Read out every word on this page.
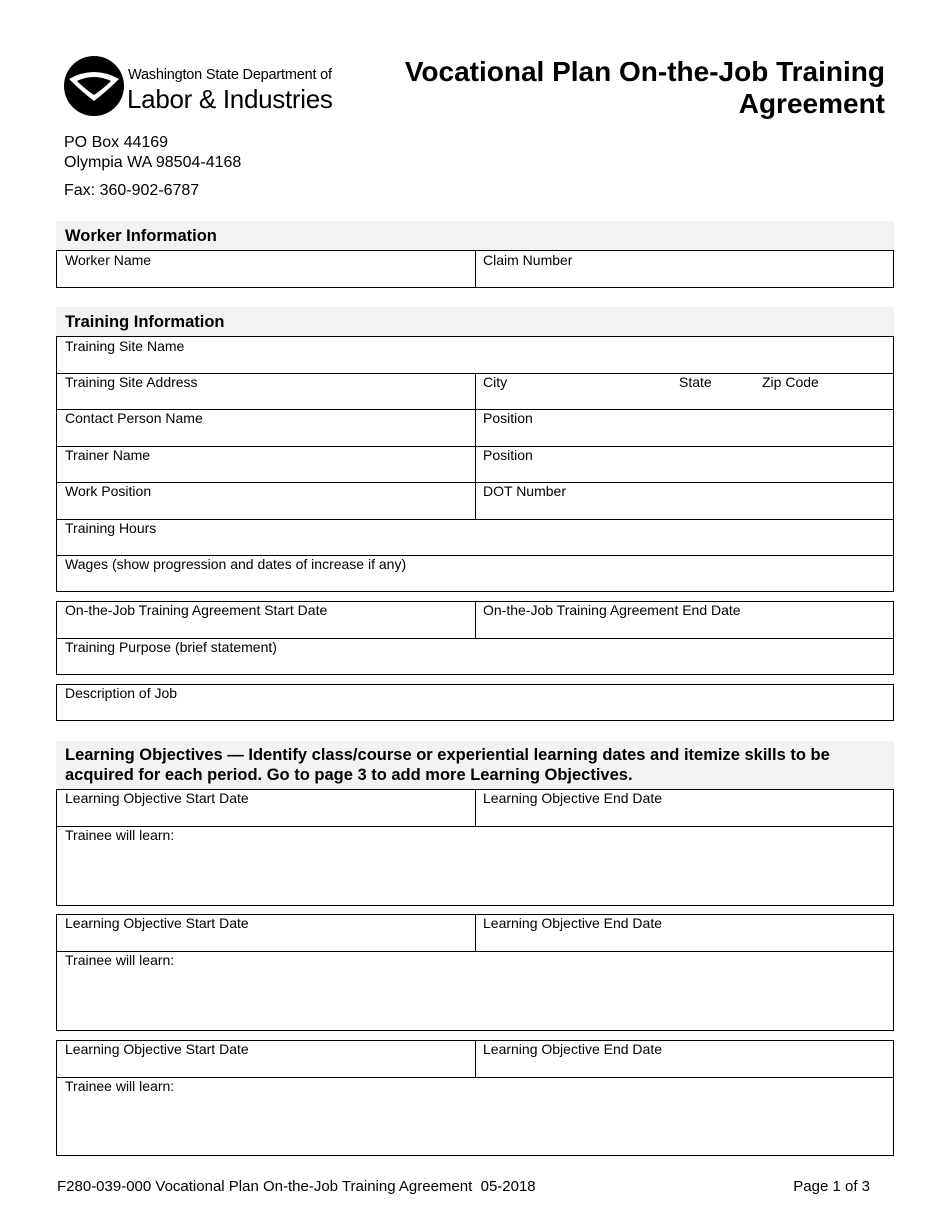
Washington State Department of
Labor & Industries
Vocational Plan On-the-Job Training
Agreement
PO Box 44169
Olympia WA 98504-4168
Fax: 360-902-6787
Worker Information
Worker Name	Claim Number
Training Information
Training Site Name
Training Site Address	City	State	Zip Code
Contact Person Name	Position
Trainer Name	Position
Work Position	DOT Number
Training Hours
Wages (show progression and dates of increase if any)
On-the-Job Training Agreement Start Date	On-the-Job Training Agreement End Date
Training Purpose (brief statement)
Description of Job
Learning Objectives — Identify class/course or experiential learning dates and itemize skills to be
acquired for each period. Go to page 3 to add more Learning Objectives.
Learning Objective Start Date	Learning Objective End Date
Trainee will learn:
Learning Objective Start Date	Learning Objective End Date
Trainee will learn:
Learning Objective Start Date	Learning Objective End Date
Trainee will learn:
F280-039-000 Vocational Plan On-the-Job Training Agreement  05-2018	Page 1 of 3
